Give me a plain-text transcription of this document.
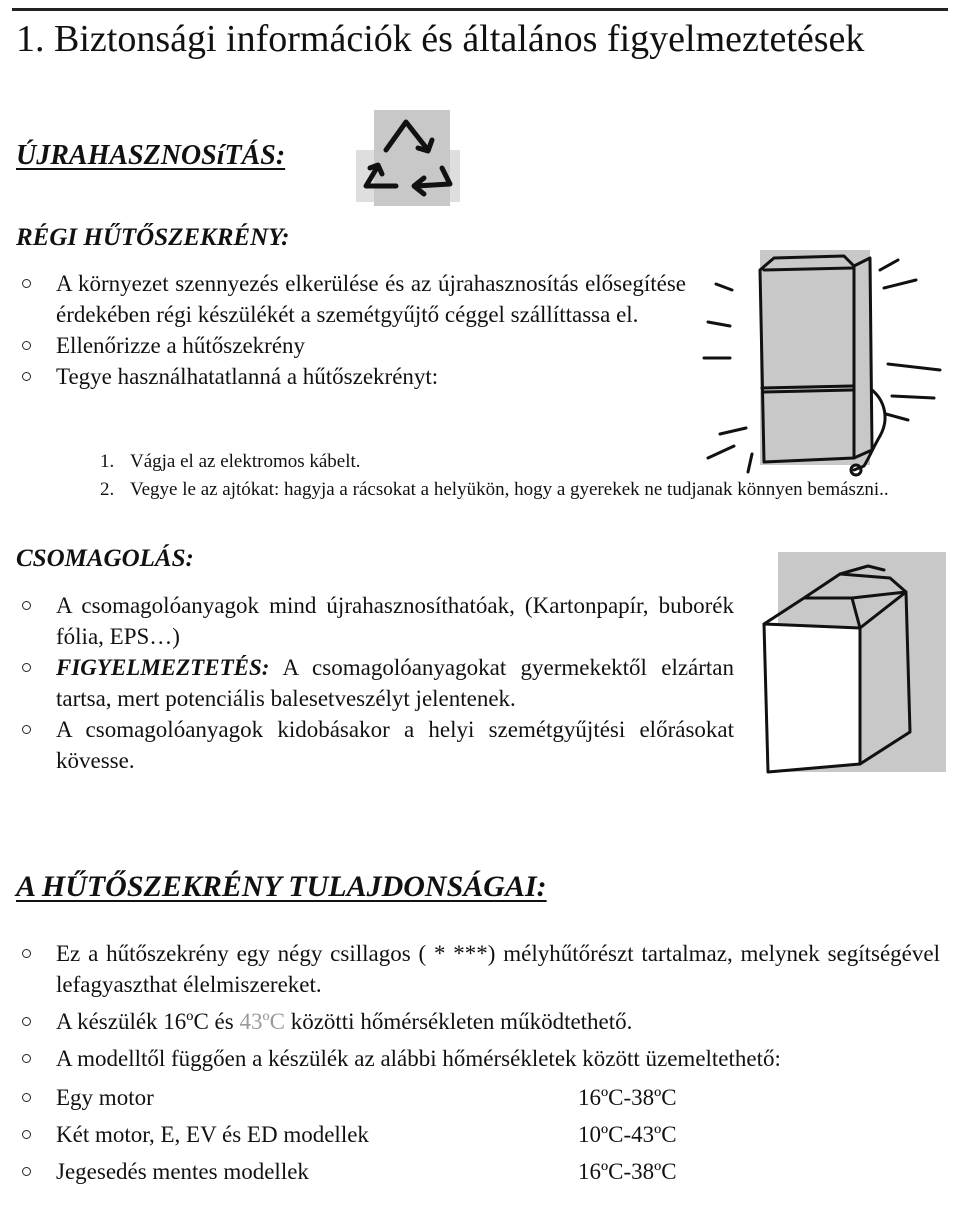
1. Biztonsági információk és általános figyelmeztetések
ÚJRAHASZNOSíTÁS:
RÉGI HŰTŐSZEKRÉNY:
A környezet szennyezés elkerülése és az újrahasznosítás elősegítése érdekében régi készülékét a szemétgyűjtő céggel szállíttassa el.
Ellenőrizze a hűtőszekrény
Tegye használhatatlanná a hűtőszekrényt:
1. Vágja el az elektromos kábelt.
2. Vegye le az ajtókat: hagyja a rácsokat a helyükön, hogy a gyerekek ne tudjanak könnyen bemászni..
CSOMAGOLÁS:
A csomagolóanyagok mind újrahasznosíthatóak, (Kartonpapír, buborék fólia, EPS…)
FIGYELMEZTETÉS: A csomagolóanyagokat gyermekektől elzártan tartsa, mert potenciális balesetveszélyt jelentenek.
A csomagolóanyagok kidobásakor a helyi szemétgyűjtési előrásokat kövesse.
A HŰTŐSZEKRÉNY TULAJDONSÁGAI:
Ez a hűtőszekrény egy négy csillagos ( * ***) mélyhűtőrészt tartalmaz, melynek segítségével lefagyaszthat élelmiszereket.
A készülék 16ºC és 43ºC közötti hőmérsékleten működtethető.
A modelltől függően a készülék az alábbi hőmérsékletek között üzemeltethető:
Egy motor	16ºC-38ºC
Két motor, E, EV és ED modellek	10ºC-43ºC
Jegesedés mentes modellek	16ºC-38ºC
